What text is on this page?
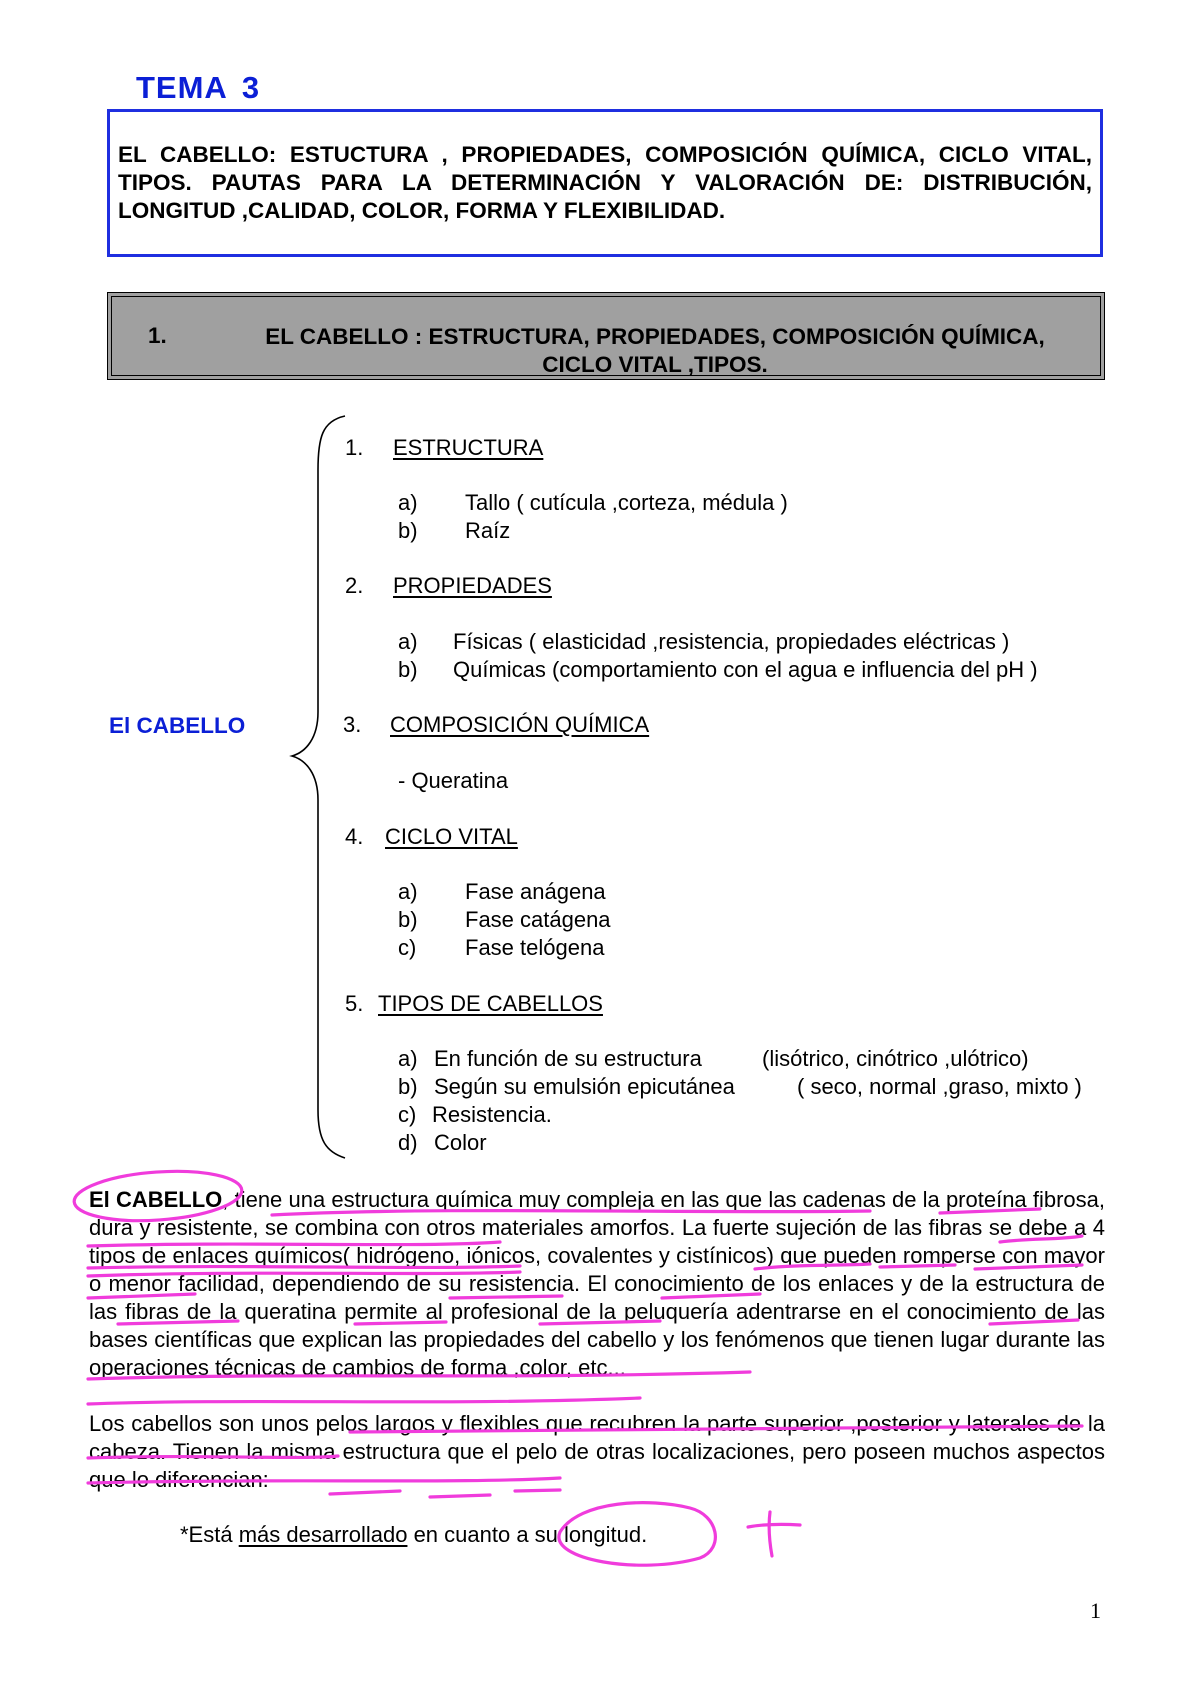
TEMA 3

EL CABELLO: ESTUCTURA , PROPIEDADES, COMPOSICIÓN QUÍMICA, CICLO VITAL, TIPOS. PAUTAS PARA LA DETERMINACIÓN Y VALORACIÓN DE: DISTRIBUCIÓN, LONGITUD ,CALIDAD, COLOR, FORMA Y FLEXIBILIDAD.

1.	EL CABELLO : ESTRUCTURA, PROPIEDADES, COMPOSICIÓN QUÍMICA,
CICLO VITAL ,TIPOS.
El CABELLO
1. ESTRUCTURA
a) Tallo ( cutícula ,corteza, médula )
b) Raíz
2. PROPIEDADES
a) Físicas ( elasticidad ,resistencia, propiedades eléctricas )
b) Químicas (comportamiento con el agua e influencia del pH )
3. COMPOSICIÓN QUÍMICA
- Queratina
4. CICLO VITAL
a) Fase anágena
b) Fase catágena
c) Fase telógena
5. TIPOS DE CABELLOS
a) En función de su estructura	(lisótrico, cinótrico ,ulótrico)
b) Según su emulsión epicutánea	( seco, normal ,graso, mixto )
c) Resistencia.
d) Color

El CABELLO, tiene una estructura química muy compleja en las que las cadenas de la proteína fibrosa, dura y resistente, se combina con otros materiales amorfos. La fuerte sujeción de las fibras se debe a 4 tipos de enlaces químicos( hidrógeno, iónicos, covalentes y cistínicos) que pueden romperse con mayor o menor facilidad, dependiendo de su resistencia. El conocimiento de los enlaces y de la estructura de las fibras de la queratina permite al profesional de la peluquería adentrarse en el conocimiento de las bases científicas que explican las propiedades del cabello y los fenómenos que tienen lugar durante las operaciones técnicas de cambios de forma ,color, etc...

Los cabellos son unos pelos largos y flexibles que recubren la parte superior ,posterior y laterales de la cabeza. Tienen la misma estructura que el pelo de otras localizaciones, pero poseen muchos aspectos que lo diferencian:

*Está más desarrollado en cuanto a su longitud.
1
